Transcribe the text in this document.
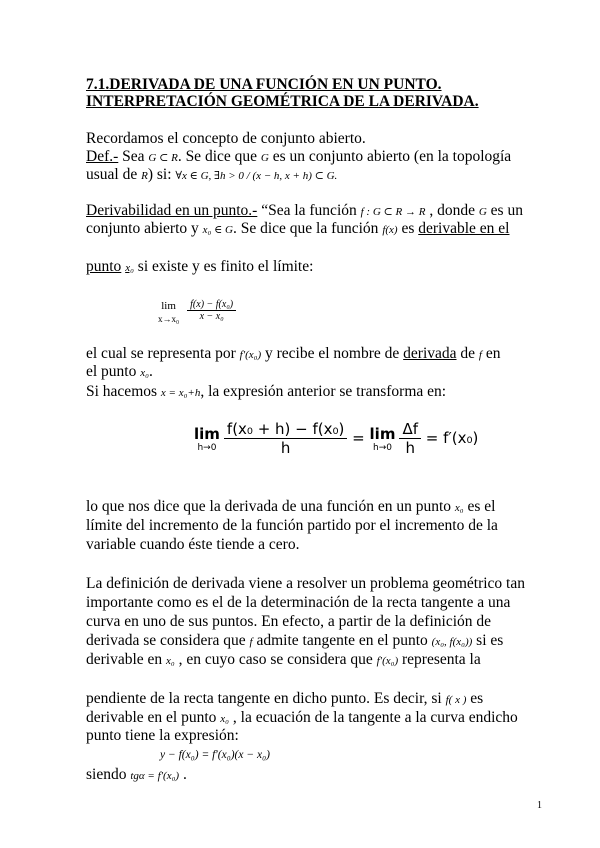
7.1.DERIVADA DE UNA FUNCIÓN EN UN PUNTO.
INTERPRETACIÓN GEOMÉTRICA DE LA DERIVADA.
Recordamos el concepto de conjunto abierto.
Def.- Sea G ⊂ R. Se dice que G es un conjunto abierto (en la topología
usual de R) si: ∀x ∈ G, ∃h > 0 / (x − h, x + h) ⊂ G.
Derivabilidad en un punto.- “Sea la función f : G ⊂ R → R , donde G es un
conjunto abierto y x₀ ∈ G. Se dice que la función f(x) es derivable en el
punto x₀ si existe y es finito el límite:
lim
x→x₀
$\frac{\text{f(x) − f(x₀)}}{\text{x − x₀}}$
el cual se representa por f′(x₀) y recibe el nombre de derivada de f en
el punto x₀.
Si hacemos x = x₀+h, la expresión anterior se transforma en:
lim
$h\to 0 \frac{\text{f(x₀ + h) − f(x₀)}}{h} = \lim$
$h\to 0 \frac{\Delta f}{h} = f'(x_0)$
lo que nos dice que la derivada de una función en un punto x₀ es el
límite del incremento de la función partido por el incremento de la
variable cuando éste tiende a cero.
La definición de derivada viene a resolver un problema geométrico tan
importante como es el de la determinación de la recta tangente a una
curva en uno de sus puntos. En efecto, a partir de la definición de
derivada se considera que f admite tangente en el punto (x₀, f(x₀)) si es
derivable en x₀ , en cuyo caso se considera que f′(x₀) representa la
pendiente de la recta tangente en dicho punto. Es decir, si f( x ) es
derivable en el punto x₀ , la ecuación de la tangente a la curva endicho
punto tiene la expresión:
y − f(x₀) = f′(x₀)(x − x₀)
siendo tgα = f′(x₀) .
1
